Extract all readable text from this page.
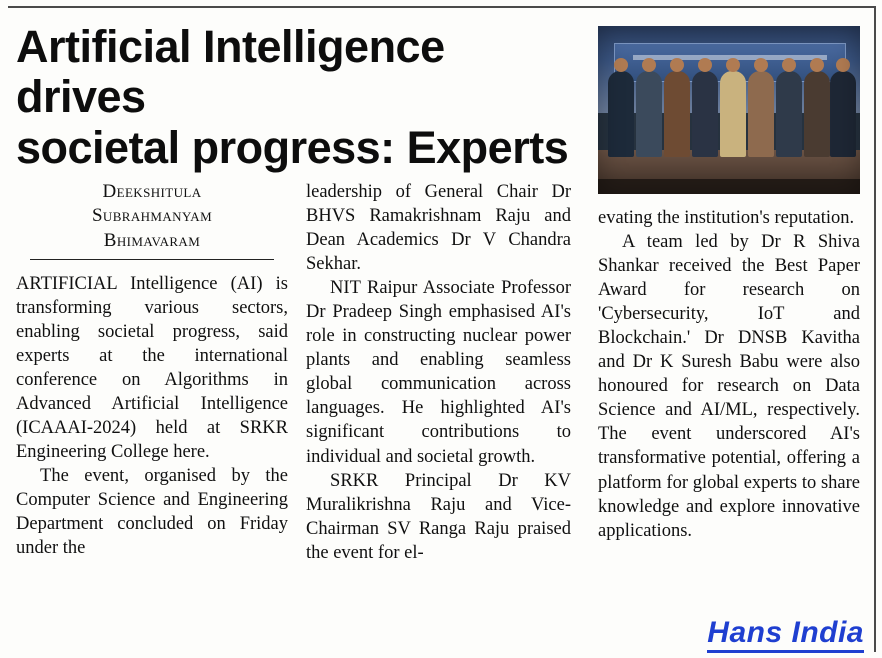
Artificial Intelligence drives
societal progress: Experts
Deekshitula
Subrahmanyam
Bhimavaram

ARTIFICIAL Intelligence (AI) is transforming various sectors, enabling societal progress, said experts at the international conference on Algorithms in Advanced Artificial Intelligence (ICAAAI-2024) held at SRKR Engineering College here.

The event, organised by the Computer Science and Engineering Department concluded on Friday under the

leadership of General Chair Dr BHVS Ramakrishnam Raju and Dean Academics Dr V Chandra Sekhar.

NIT Raipur Associate Professor Dr Pradeep Singh emphasised AI's role in constructing nuclear power plants and enabling seamless global communication across languages. He highlighted AI's significant contributions to individual and societal growth.

SRKR Principal Dr KV Muralikrishna Raju and Vice-Chairman SV Ranga Raju praised the event for el-

evating the institution's reputation.

A team led by Dr R Shiva Shankar received the Best Paper Award for research on 'Cybersecurity, IoT and Blockchain.' Dr DNSB Kavitha and Dr K Suresh Babu were also honoured for research on Data Science and AI/ML, respectively. The event underscored AI's transformative potential, offering a platform for global experts to share knowledge and explore innovative applications.

Hans India
